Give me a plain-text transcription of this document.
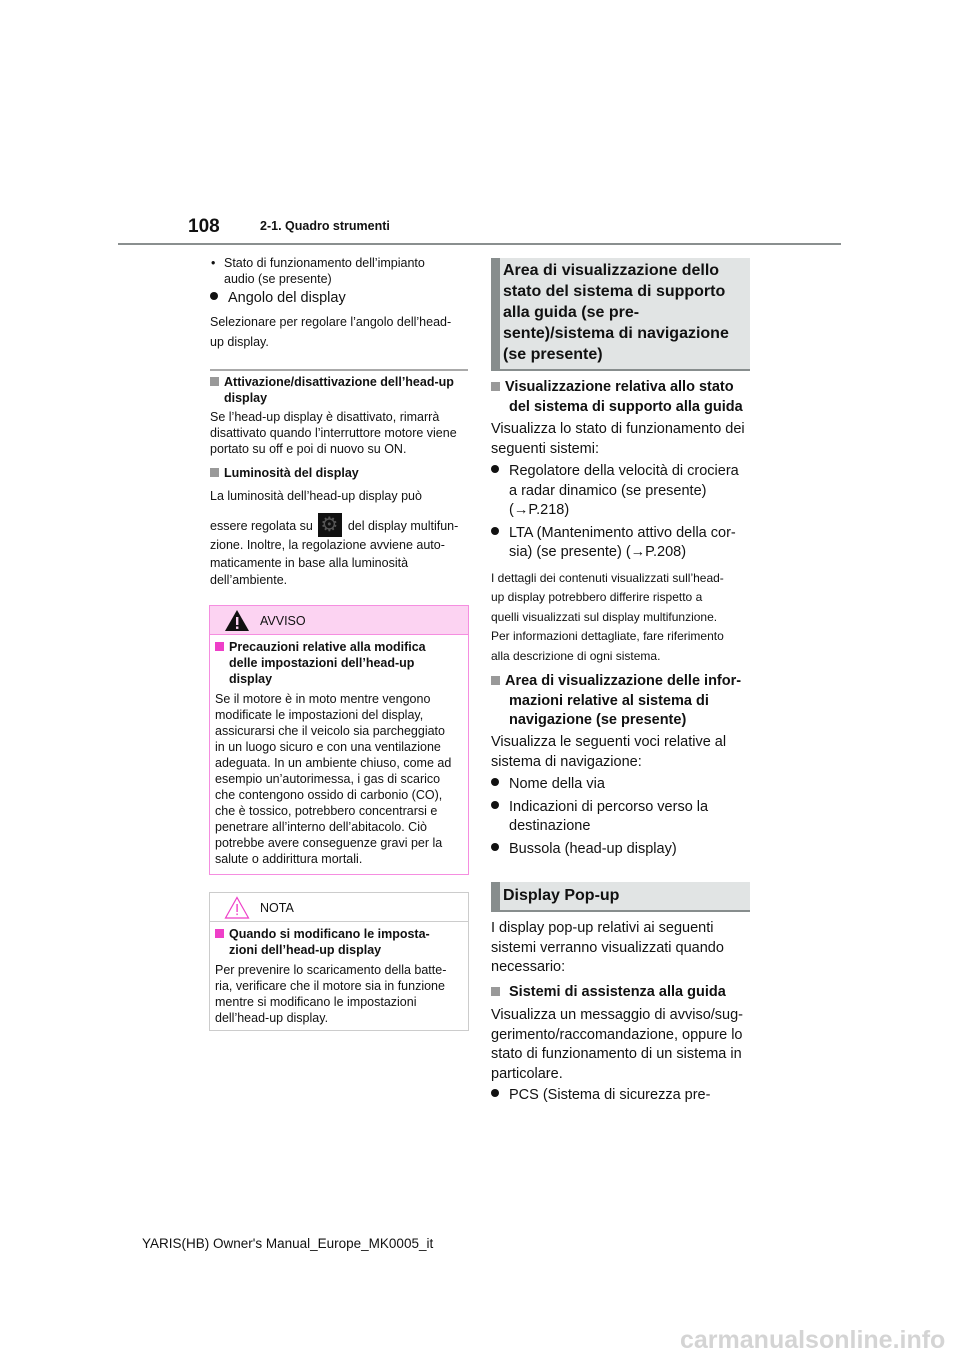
108	2-1. Quadro strumenti
• Stato di funzionamento dell’impianto
audio (se presente)
Angolo del display
Selezionare per regolare l’angolo dell’head-
up display.
Attivazione/disattivazione dell’head-up
display
Se l’head-up display è disattivato, rimarrà
disattivato quando l’interruttore motore viene
portato su off e poi di nuovo su ON.
Luminosità del display
La luminosità dell’head-up display può
essere regolata su ⚙	del display multifun-
zione. Inoltre, la regolazione avviene auto-
maticamente in base alla luminosità
dell’ambiente.
AVVISO
Precauzioni relative alla modifica
delle impostazioni dell’head-up
display
Se il motore è in moto mentre vengono
modificate le impostazioni del display,
assicurarsi che il veicolo sia parcheggiato
in un luogo sicuro e con una ventilazione
adeguata. In un ambiente chiuso, come ad
esempio un’autorimessa, i gas di scarico
che contengono ossido di carbonio (CO),
che è tossico, potrebbero concentrarsi e
penetrare all’interno dell’abitacolo. Ciò
potrebbe avere conseguenze gravi per la
salute o addirittura mortali.
NOTA
Quando si modificano le imposta-
zioni dell’head-up display
Per prevenire lo scaricamento della batte-
ria, verificare che il motore sia in funzione
mentre si modificano le impostazioni
dell’head-up display.
Area di visualizzazione dello
stato del sistema di supporto
alla guida (se pre-
sente)/sistema di navigazione
(se presente)
Visualizzazione relativa allo stato
del sistema di supporto alla guida
Visualizza lo stato di funzionamento dei
seguenti sistemi:
Regolatore della velocità di crociera
a radar dinamico (se presente)
(→P.218)
LTA (Mantenimento attivo della cor-
sia) (se presente) (→P.208)
I dettagli dei contenuti visualizzati sull’head-
up display potrebbero differire rispetto a
quelli visualizzati sul display multifunzione.
Per informazioni dettagliate, fare riferimento
alla descrizione di ogni sistema.
Area di visualizzazione delle infor-
mazioni relative al sistema di
navigazione (se presente)
Visualizza le seguenti voci relative al
sistema di navigazione:
Nome della via
Indicazioni di percorso verso la
destinazione
Bussola (head-up display)
Display Pop-up
I display pop-up relativi ai seguenti
sistemi verranno visualizzati quando
necessario:
Sistemi di assistenza alla guida
Visualizza un messaggio di avviso/sug-
gerimento/raccomandazione, oppure lo
stato di funzionamento di un sistema in
particolare.
PCS (Sistema di sicurezza pre-
YARIS(HB) Owner's Manual_Europe_MK0005_it
carmanualsonline.info
